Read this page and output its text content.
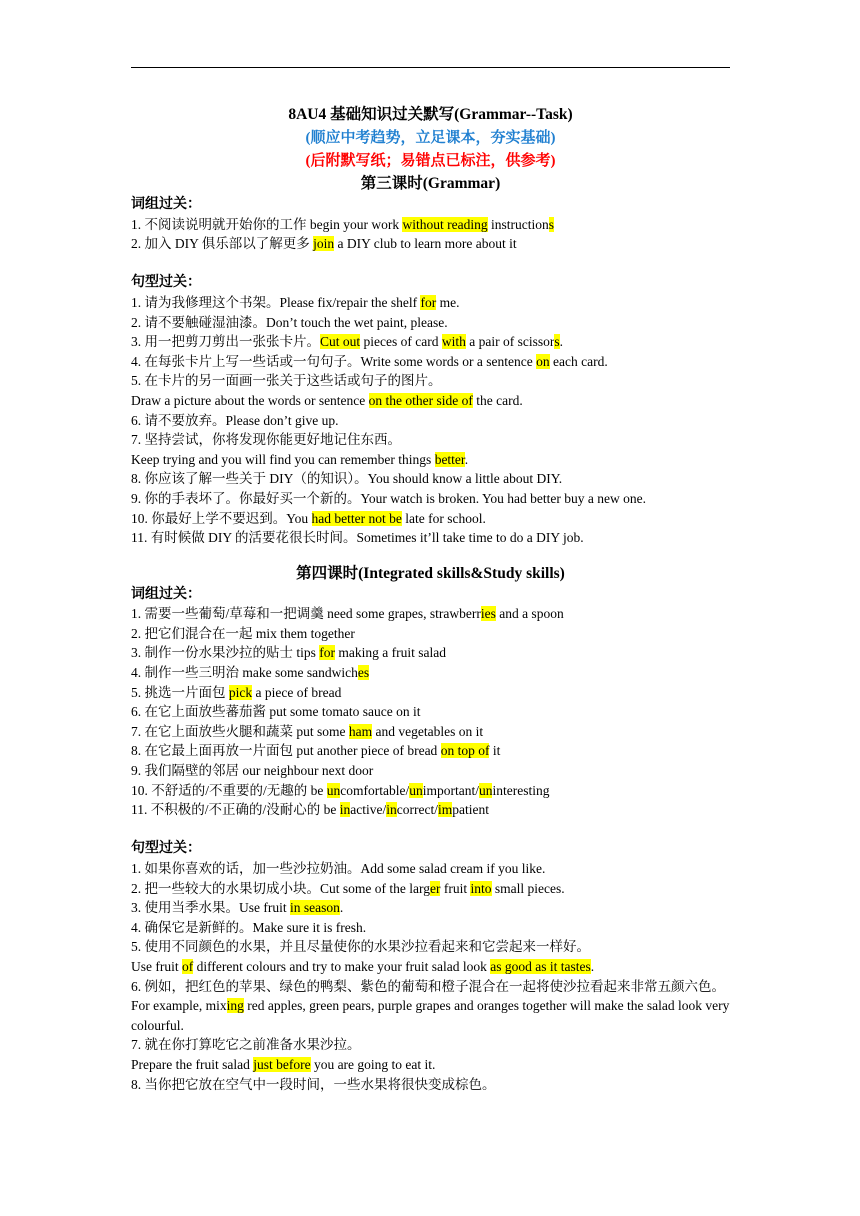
8AU4 基础知识过关默写(Grammar--Task)

(顺应中考趋势，立足课本，夯实基础)

(后附默写纸；易错点已标注，供参考)

第三课时(Grammar)

词组过关：

1. 不阅读说明就开始你的工作 begin your work without reading instructions

2. 加入 DIY 俱乐部以了解更多 join a DIY club to learn more about it

句型过关：

1. 请为我修理这个书架。Please fix/repair the shelf for me.

2. 请不要触碰湿油漆。Don’t touch the wet paint, please.

3. 用一把剪刀剪出一张张卡片。Cut out pieces of card with a pair of scissors.

4. 在每张卡片上写一些话或一句句子。Write some words or a sentence on each card.

5. 在卡片的另一面画一张关于这些话或句子的图片。

Draw a picture about the words or sentence on the other side of the card.

6. 请不要放弃。Please don’t give up.

7. 坚持尝试，你将发现你能更好地记住东西。

Keep trying and you will find you can remember things better.

8. 你应该了解一些关于 DIY（的知识）。You should know a little about DIY.

9. 你的手表坏了。你最好买一个新的。Your watch is broken. You had better buy a new one.

10. 你最好上学不要迟到。You had better not be late for school.

11. 有时候做 DIY 的活要花很长时间。Sometimes it’ll take time to do a DIY job.

第四课时(Integrated skills&Study skills)

词组过关：

1. 需要一些葡萄/草莓和一把调羹 need some grapes, strawberries and a spoon

2. 把它们混合在一起 mix them together

3. 制作一份水果沙拉的贴士 tips for making a fruit salad

4. 制作一些三明治 make some sandwiches

5. 挑选一片面包 pick a piece of bread

6. 在它上面放些蕃茄酱 put some tomato sauce on it

7. 在它上面放些火腿和蔬菜 put some ham and vegetables on it

8. 在它最上面再放一片面包 put another piece of bread on top of it

9. 我们隔壁的邻居 our neighbour next door

10. 不舒适的/不重要的/无趣的 be uncomfortable/unimportant/uninteresting

11. 不积极的/不正确的/没耐心的 be inactive/incorrect/impatient

句型过关：

1. 如果你喜欢的话，加一些沙拉奶油。Add some salad cream if you like.

2. 把一些较大的水果切成小块。Cut some of the larger fruit into small pieces.

3. 使用当季水果。Use fruit in season.

4. 确保它是新鲜的。Make sure it is fresh.

5. 使用不同颜色的水果，并且尽量使你的水果沙拉看起来和它尝起来一样好。

Use fruit of different colours and try to make your fruit salad look as good as it tastes.

6. 例如，把红色的苹果、绿色的鸭梨、紫色的葡萄和橙子混合在一起将使沙拉看起来非常五颜六色。

For example, mixing red apples, green pears, purple grapes and oranges together will make the salad look very colourful.

7. 就在你打算吃它之前准备水果沙拉。

Prepare the fruit salad just before you are going to eat it.

8. 当你把它放在空气中一段时间，一些水果将很快变成棕色。
